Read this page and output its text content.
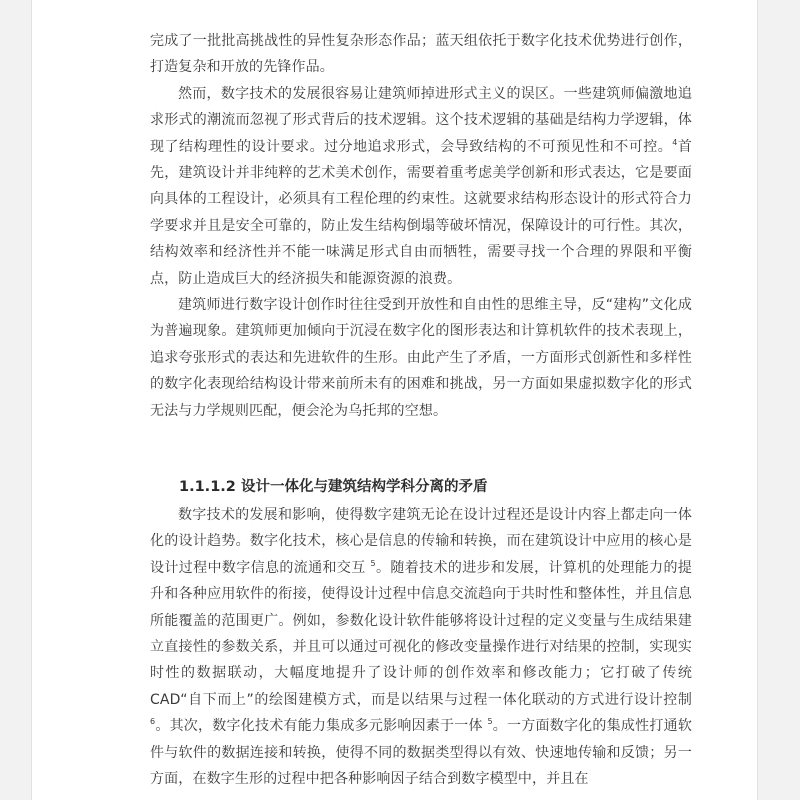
完成了一批批高挑战性的异性复杂形态作品；蓝天组依托于数字化技术优势进行创作，打造复杂和开放的先锋作品。

然而，数字技术的发展很容易让建筑师掉进形式主义的误区。一些建筑师偏激地追求形式的潮流而忽视了形式背后的技术逻辑。这个技术逻辑的基础是结构力学逻辑，体现了结构理性的设计要求。过分地追求形式，会导致结构的不可预见性和不可控。$^4$首先，建筑设计并非纯粹的艺术美术创作，需要着重考虑美学创新和形式表达，它是要面向具体的工程设计，必须具有工程伦理的约束性。这就要求结构形态设计的形式符合力学要求并且是安全可靠的，防止发生结构倒塌等破坏情况，保障设计的可行性。其次，结构效率和经济性并不能一味满足形式自由而牺牲，需要寻找一个合理的界限和平衡点，防止造成巨大的经济损失和能源资源的浪费。

建筑师进行数字设计创作时往往受到开放性和自由性的思维主导，反“建构”文化成为普遍现象。建筑师更加倾向于沉浸在数字化的图形表达和计算机软件的技术表现上，追求夸张形式的表达和先进软件的生形。由此产生了矛盾，一方面形式创新性和多样性的数字化表现给结构设计带来前所未有的困难和挑战，另一方面如果虚拟数字化的形式无法与力学规则匹配，便会沦为乌托邦的空想。

1.1.1.2 设计一体化与建筑结构学科分离的矛盾

数字技术的发展和影响，使得数字建筑无论在设计过程还是设计内容上都走向一体化的设计趋势。数字化技术，核心是信息的传输和转换，而在建筑设计中应用的核心是设计过程中数字信息的流通和交互 $^5$。随着技术的进步和发展，计算机的处理能力的提升和各种应用软件的衔接，使得设计过程中信息交流趋向于共时性和整体性，并且信息所能覆盖的范围更广。例如，参数化设计软件能够将设计过程的定义变量与生成结果建立直接性的参数关系，并且可以通过可视化的修改变量操作进行对结果的控制，实现实时性的数据联动，大幅度地提升了设计师的创作效率和修改能力；它打破了传统 CAD“自下而上”的绘图建模方式，而是以结果与过程一体化联动的方式进行设计控制 $^6$。其次，数字化技术有能力集成多元影响因素于一体 $^5$。一方面数字化的集成性打通软件与软件的数据连接和转换，使得不同的数据类型得以有效、快速地传输和反馈；另一方面，在数字生形的过程中把各种影响因子结合到数字模型中，并且在
